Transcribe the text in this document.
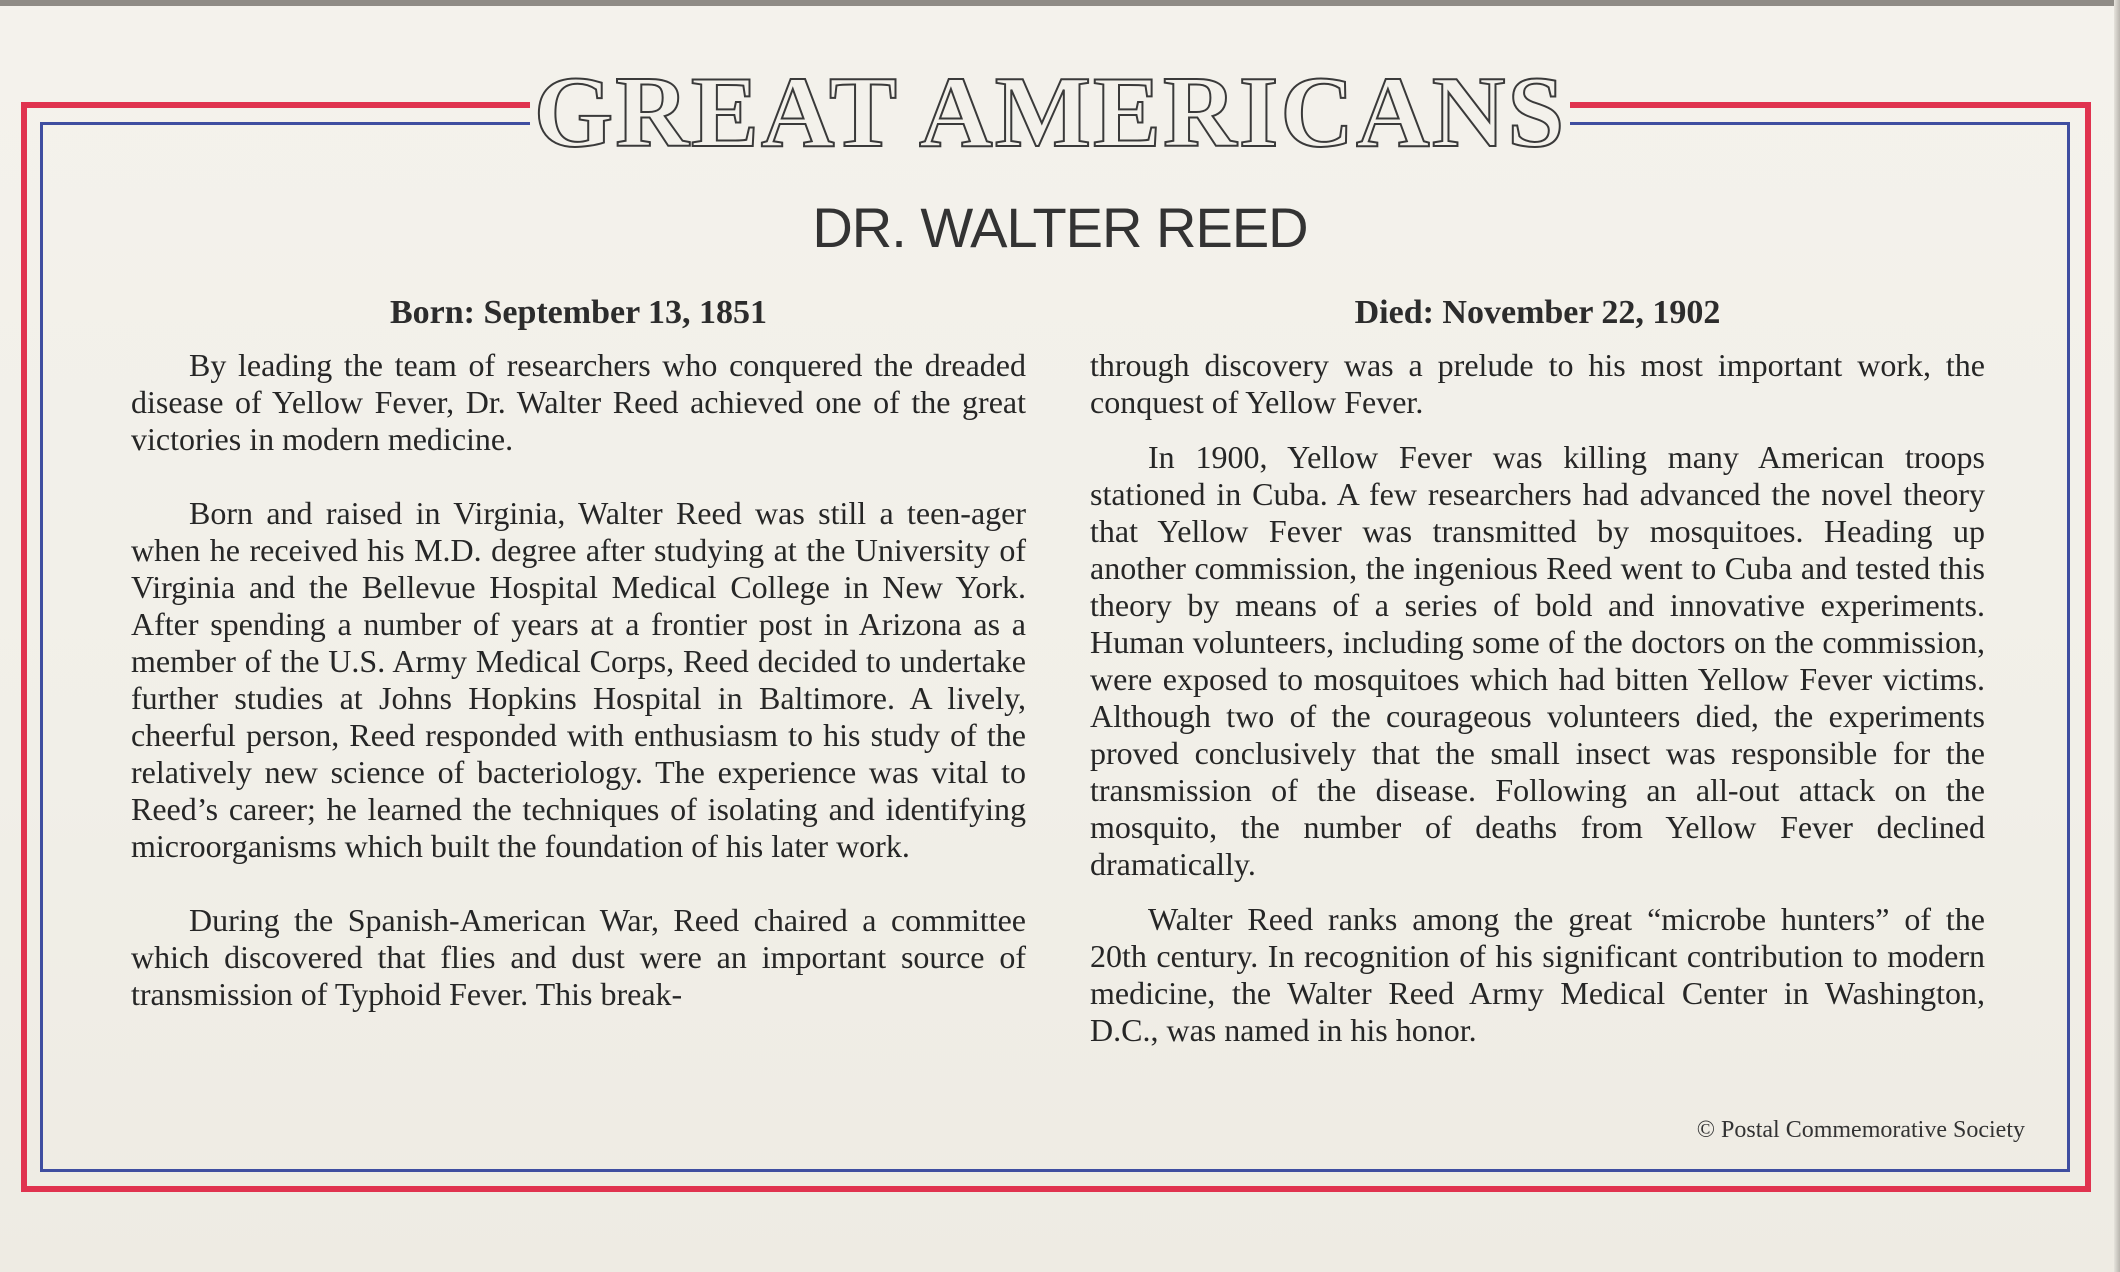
GREAT AMERICANS
DR. WALTER REED
Born: September 13, 1851	Died: November 22, 1902

By leading the team of researchers who conquered the dreaded disease of Yellow Fever, Dr. Walter Reed achieved one of the great victories in modern medicine.

Born and raised in Virginia, Walter Reed was still a teen-ager when he received his M.D. degree after studying at the University of Virginia and the Bellevue Hospital Medical College in New York. After spending a number of years at a frontier post in Arizona as a member of the U.S. Army Medical Corps, Reed decided to undertake further studies at Johns Hopkins Hospital in Baltimore. A lively, cheerful person, Reed responded with enthusiasm to his study of the relatively new science of bacteriology. The experience was vital to Reed’s career; he learned the techniques of isolating and identifying microorganisms which built the foundation of his later work.

During the Spanish-American War, Reed chaired a committee which discovered that flies and dust were an important source of transmission of Typhoid Fever. This break-

through discovery was a prelude to his most important work, the conquest of Yellow Fever.

In 1900, Yellow Fever was killing many American troops stationed in Cuba. A few researchers had advanced the novel theory that Yellow Fever was transmitted by mosquitoes. Heading up another commission, the ingenious Reed went to Cuba and tested this theory by means of a series of bold and innovative experiments. Human volunteers, including some of the doctors on the commission, were exposed to mosquitoes which had bitten Yellow Fever victims. Although two of the courageous volunteers died, the experiments proved conclusively that the small insect was responsible for the transmission of the disease. Following an all-out attack on the mosquito, the number of deaths from Yellow Fever declined dramatically.

Walter Reed ranks among the great “microbe hunters” of the 20th century. In recognition of his significant contribution to modern medicine, the Walter Reed Army Medical Center in Washington, D.C., was named in his honor.

© Postal Commemorative Society
